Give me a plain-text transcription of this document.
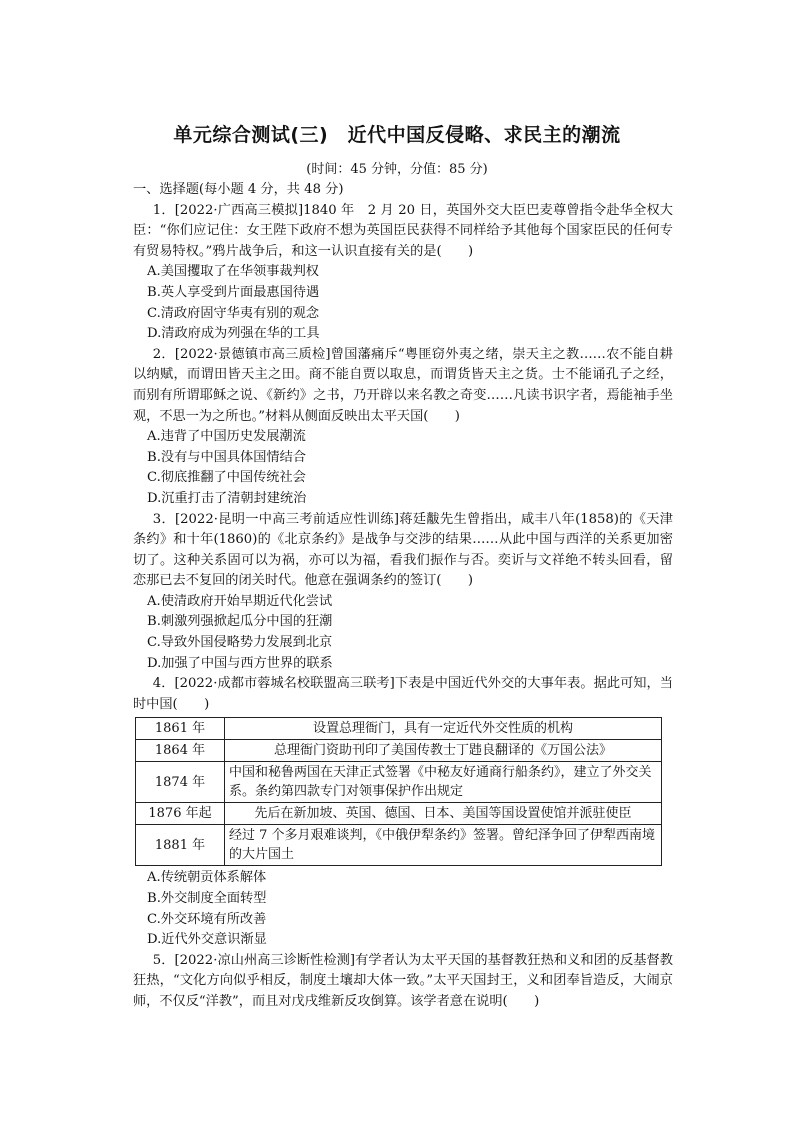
单元综合测试(三)　近代中国反侵略、求民主的潮流
(时间：45 分钟，分值：85 分)

一、选择题(每小题 4 分，共 48 分)

1．[2022·广西高三模拟]1840 年　2 月 20 日，英国外交大臣巴麦尊曾指令赴华全权大臣：“你们应记住：女王陛下政府不想为英国臣民获得不同样给予其他每个国家臣民的任何专有贸易特权。”鸦片战争后，和这一认识直接有关的是(　　)

A.美国攫取了在华领事裁判权

B.英人享受到片面最惠国待遇

C.清政府固守华夷有别的观念

D.清政府成为列强在华的工具

2．[2022·景德镇市高三质检]曾国藩痛斥“粤匪窃外夷之绪，崇天主之教……农不能自耕以纳赋，而谓田皆天主之田。商不能自贾以取息，而谓货皆天主之货。士不能诵孔子之经，而别有所谓耶稣之说、《新约》之书，乃开辟以来名教之奇变……凡读书识字者，焉能袖手坐观，不思一为之所也。”材料从侧面反映出太平天国(　　)

A.违背了中国历史发展潮流

B.没有与中国具体国情结合

C.彻底推翻了中国传统社会

D.沉重打击了清朝封建统治

3．[2022·昆明一中高三考前适应性训练]蒋廷黻先生曾指出，咸丰八年(1858)的《天津条约》和十年(1860)的《北京条约》是战争与交涉的结果……从此中国与西洋的关系更加密切了。这种关系固可以为祸，亦可以为福，看我们振作与否。奕䜣与文祥绝不转头回看，留恋那已去不复回的闭关时代。他意在强调条约的签订(　　)

A.使清政府开始早期近代化尝试

B.刺激列强掀起瓜分中国的狂潮

C.导致外国侵略势力发展到北京

D.加强了中国与西方世界的联系

4．[2022·成都市蓉城名校联盟高三联考]下表是中国近代外交的大事年表。据此可知，当时中国(　　)

1861 年	设置总理衙门，具有一定近代外交性质的机构
1864 年	总理衙门资助刊印了美国传教士丁韪良翻译的《万国公法》
1874 年	中国和秘鲁两国在天津正式签署《中秘友好通商行船条约》，建立了外交关系。条约第四款专门对领事保护作出规定
1876 年起	先后在新加坡、英国、德国、日本、美国等国设置使馆并派驻使臣
1881 年	经过 7 个多月艰难谈判，《中俄伊犁条约》签署。曾纪泽争回了伊犁西南境的大片国土

A.传统朝贡体系解体

B.外交制度全面转型

C.外交环境有所改善

D.近代外交意识渐显

5．[2022·凉山州高三诊断性检测]有学者认为太平天国的基督教狂热和义和团的反基督教狂热，“文化方向似乎相反，制度土壤却大体一致。”太平天国封王，义和团奉旨造反，大闹京师，不仅反“洋教”，而且对戊戌维新反攻倒算。该学者意在说明(　　)
